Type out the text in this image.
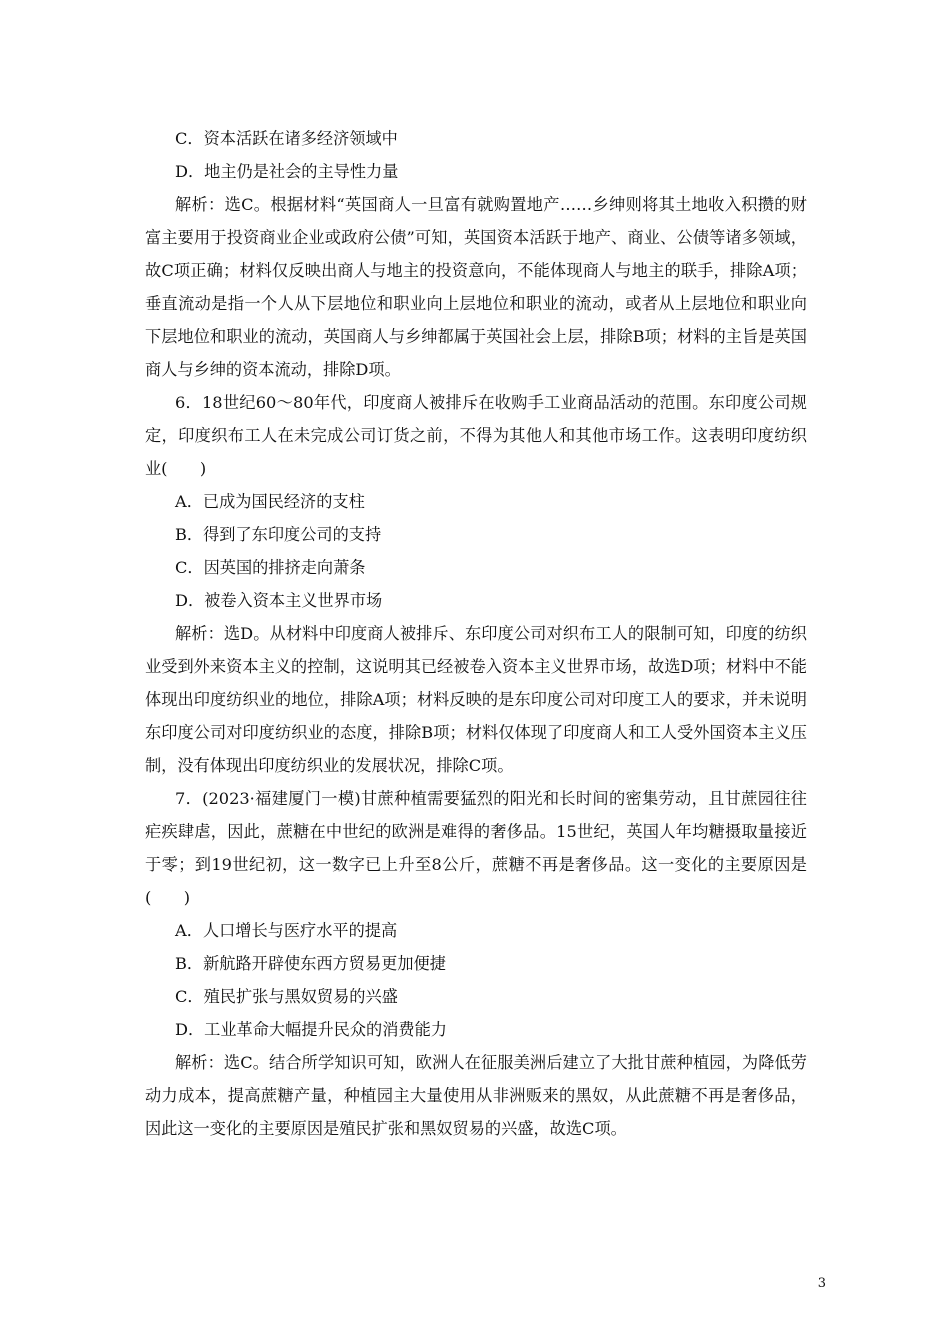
C．资本活跃在诸多经济领域中
D．地主仍是社会的主导性力量
解析：选C。根据材料“英国商人一旦富有就购置地产……乡绅则将其土地收入积攒的财富主要用于投资商业企业或政府公债”可知，英国资本活跃于地产、商业、公债等诸多领域，故C项正确；材料仅反映出商人与地主的投资意向，不能体现商人与地主的联手，排除A项；垂直流动是指一个人从下层地位和职业向上层地位和职业的流动，或者从上层地位和职业向下层地位和职业的流动，英国商人与乡绅都属于英国社会上层，排除B项；材料的主旨是英国商人与乡绅的资本流动，排除D项。
6．18世纪60～80年代，印度商人被排斥在收购手工业商品活动的范围。东印度公司规定，印度织布工人在未完成公司订货之前，不得为其他人和其他市场工作。这表明印度纺织业(　　)
A．已成为国民经济的支柱
B．得到了东印度公司的支持
C．因英国的排挤走向萧条
D．被卷入资本主义世界市场
解析：选D。从材料中印度商人被排斥、东印度公司对织布工人的限制可知，印度的纺织业受到外来资本主义的控制，这说明其已经被卷入资本主义世界市场，故选D项；材料中不能体现出印度纺织业的地位，排除A项；材料反映的是东印度公司对印度工人的要求，并未说明东印度公司对印度纺织业的态度，排除B项；材料仅体现了印度商人和工人受外国资本主义压制，没有体现出印度纺织业的发展状况，排除C项。
7．(2023·福建厦门一模)甘蔗种植需要猛烈的阳光和长时间的密集劳动，且甘蔗园往往疟疾肆虐，因此，蔗糖在中世纪的欧洲是难得的奢侈品。15世纪，英国人年均糖摄取量接近于零；到19世纪初，这一数字已上升至8公斤，蔗糖不再是奢侈品。这一变化的主要原因是(　　)
A．人口增长与医疗水平的提高
B．新航路开辟使东西方贸易更加便捷
C．殖民扩张与黑奴贸易的兴盛
D．工业革命大幅提升民众的消费能力
解析：选C。结合所学知识可知，欧洲人在征服美洲后建立了大批甘蔗种植园，为降低劳动力成本，提高蔗糖产量，种植园主大量使用从非洲贩来的黑奴，从此蔗糖不再是奢侈品，因此这一变化的主要原因是殖民扩张和黑奴贸易的兴盛，故选C项。
3
